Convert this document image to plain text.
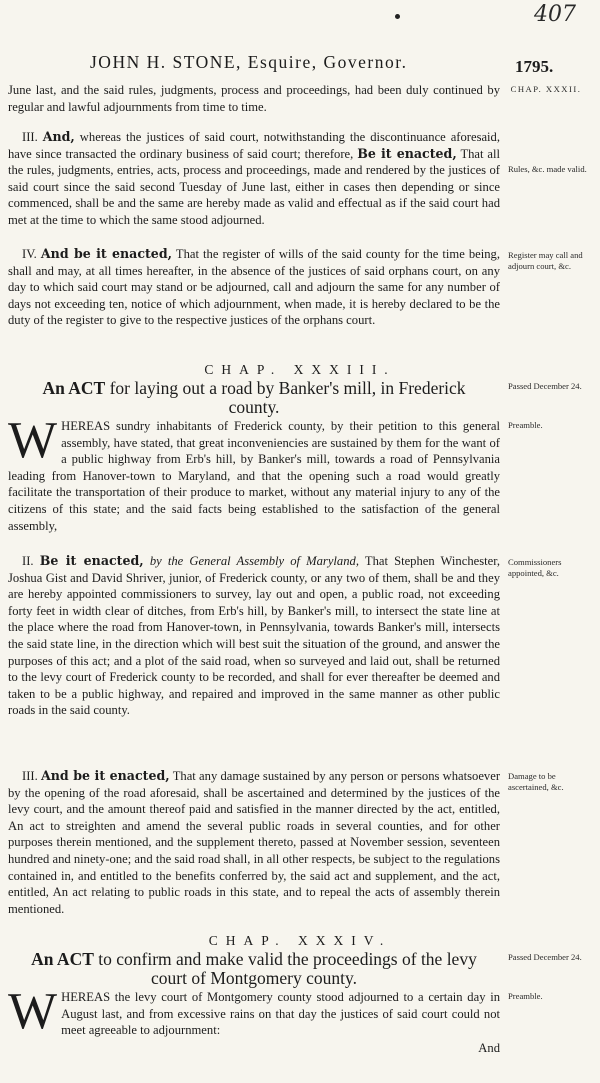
407
JOHN H. STONE, Esquire, Governor.	1795.

June last, and the said rules, judgments, process and proceedings, had been duly continued by regular and lawful adjournments from time to time.

CHAP. XXXII.

III. And, whereas the justices of said court, notwithstanding the discontinuance aforesaid, have since transacted the ordinary business of said court; therefore, Be it enacted, That all the rules, judgments, entries, acts, process and proceedings, made and rendered by the justices of said court since the said second Tuesday of June last, either in cases then depending or since commenced, shall be and the same are hereby made as valid and effectual as if the said court had met at the time to which the same stood adjourned.

Rules, &c. made valid.

IV. And be it enacted, That the register of wills of the said county for the time being, shall and may, at all times hereafter, in the absence of the justices of said orphans court, on any day to which said court may stand or be adjourned, call and adjourn the same for any number of days not exceeding ten, notice of which adjournment, when made, it is hereby declared to be the duty of the register to give to the respective justices of the orphans court.

Register may call and adjourn court, &c.
CHAP. XXXIII.

An ACT for laying out a road by Banker's mill, in Frederick
county.

Passed December 24.

WHEREAS sundry inhabitants of Frederick county, by their petition to this general assembly, have stated, that great inconveniencies are sustained by them for the want of a public highway from Erb's hill, by Banker's mill, towards a road of Pennsylvania leading from Hanover-town to Maryland, and that the opening such a road would greatly facilitate the transportation of their produce to market, without any material injury to any of the citizens of this state; and the said facts being established to the satisfaction of the general assembly,

Preamble.

II. Be it enacted, by the General Assembly of Maryland, That Stephen Winchester, Joshua Gist and David Shriver, junior, of Frederick county, or any two of them, shall be and they are hereby appointed commissioners to survey, lay out and open, a public road, not exceeding forty feet in width clear of ditches, from Erb's hill, by Banker's mill, to intersect the state line at the place where the road from Hanover-town, in Pennsylvania, towards Banker's mill, intersects the said state line, in the direction which will best suit the situation of the ground, and answer the purposes of this act; and a plot of the said road, when so surveyed and laid out, shall be returned to the levy court of Frederick county to be recorded, and shall for ever thereafter be deemed and taken to be a public highway, and repaired and improved in the same manner as other public roads in the said county.

Commissioners appointed, &c.

III. And be it enacted, That any damage sustained by any person or persons whatsoever by the opening of the road aforesaid, shall be ascertained and determined by the justices of the levy court, and the amount thereof paid and satisfied in the manner directed by the act, entitled, An act to streighten and amend the several public roads in several counties, and for other purposes therein mentioned, and the supplement thereto, passed at November session, seventeen hundred and ninety-one; and the said road shall, in all other respects, be subject to the regulations contained in, and entitled to the benefits conferred by, the said act and supplement, and the act, entitled, An act relating to public roads in this state, and to repeal the acts of assembly therein mentioned.

Damage to be ascertained, &c.
CHAP. XXXIV.

An ACT to confirm and make valid the proceedings of the levy
court of Montgomery county.

Passed December 24.

WHEREAS the levy court of Montgomery county stood adjourned to a certain day in August last, and from excessive rains on that day the justices of said court could not meet agreeable to adjournment:

Preamble.
And
